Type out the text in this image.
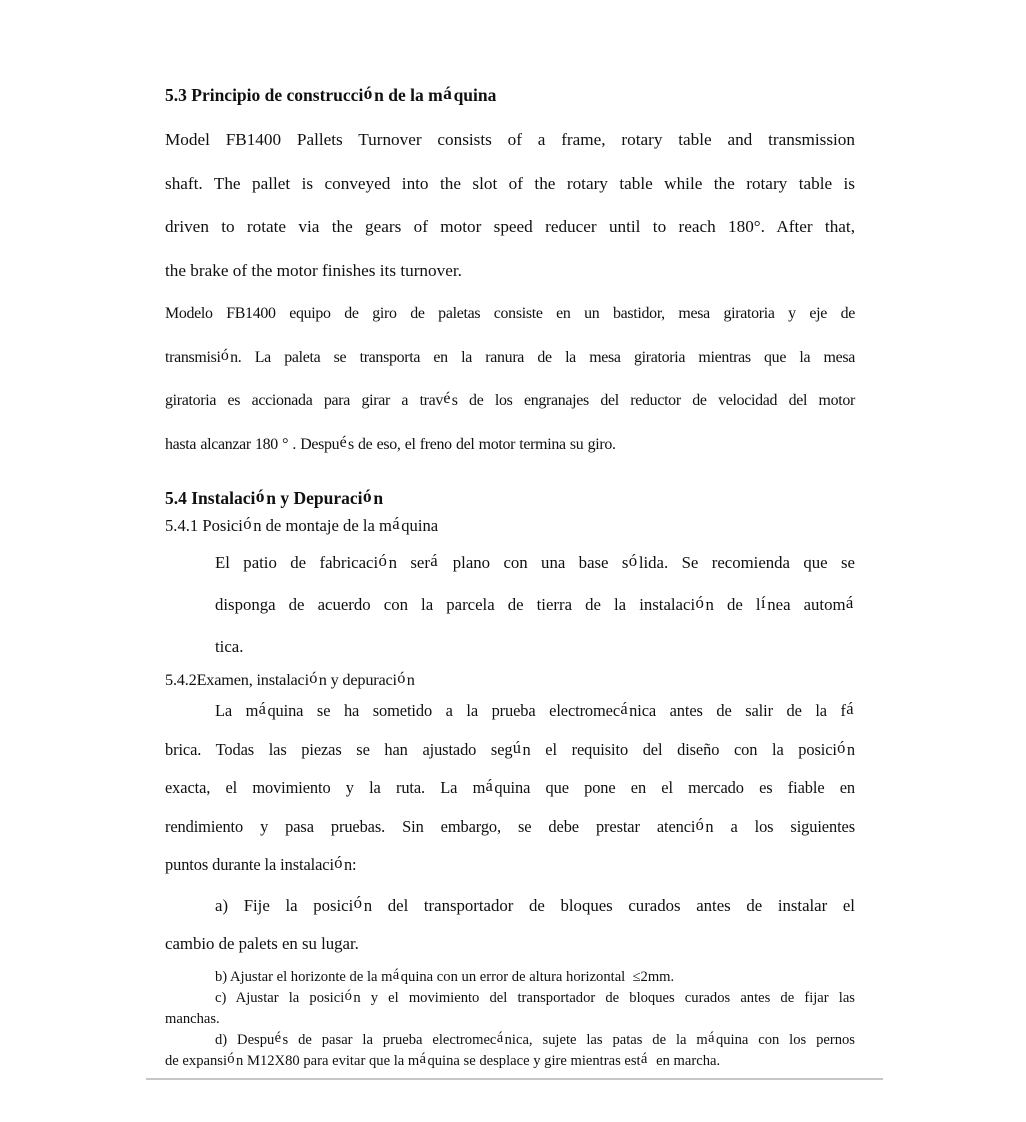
5.3 Principio de construcció n de la má quina
Model FB1400 Pallets Turnover consists of a frame, rotary table and transmission
shaft. The pallet is conveyed into the slot of the rotary table while the rotary table is
driven to rotate via the gears of motor speed reducer until to reach 180°. After that,
the brake of the motor finishes its turnover.
Modelo FB1400 equipo de giro de paletas consiste en un bastidor, mesa giratoria y eje de
transmisión. La paleta se transporta en la ranura de la mesa giratoria mientras que la mesa
giratoria es accionada para girar a través de los engranajes del reductor de velocidad del motor
hasta alcanzar 180 ° . Después de eso, el freno del motor termina su giro.
5.4 Instalació n y Depuració n
5.4.1 Posición de montaje de la máquina
El patio de fabricación será plano con una base sólida. Se recomienda que se
disponga de acuerdo con la parcela de tierra de la instalación de línea automá
tica.
5.4.2Examen, instalación y depuración
La máquina se ha sometido a la prueba electromecánica antes de salir de la fá
brica. Todas las piezas se han ajustado según el requisito del diseño con la posición
exacta, el movimiento y la ruta. La máquina que pone en el mercado es fiable en
rendimiento y pasa pruebas. Sin embargo, se debe prestar atención a los siguientes
puntos durante la instalación:
a) Fije la posición del transportador de bloques curados antes de instalar el
cambio de palets en su lugar.
b) Ajustar el horizonte de la máquina con un error de altura horizontal  ≤2mm.
c) Ajustar la posición y el movimiento del transportador de bloques curados antes de fijar las
manchas.
d) Después de pasar la prueba electromecánica, sujete las patas de la máquina con los pernos
de expansión M12X80 para evitar que la máquina se desplace y gire mientras está  en marcha.
